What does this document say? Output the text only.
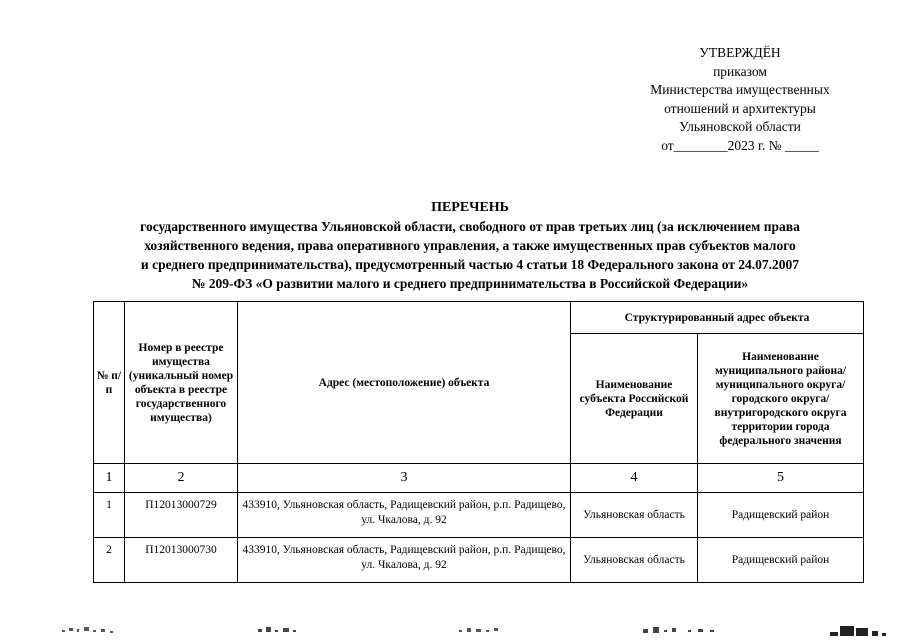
УТВЕРЖДЁН
приказом
Министерства имущественных
отношений и архитектуры
Ульяновской области
от________2023 г. № _____
ПЕРЕЧЕНЬ
государственного имущества Ульяновской области, свободного от прав третьих лиц (за исключением права
хозяйственного ведения, права оперативного управления, а также имущественных прав субъектов малого
и среднего предпринимательства), предусмотренный частью 4 статьи 18 Федерального закона от 24.07.2007
№ 209-ФЗ «О развитии малого и среднего предпринимательства в Российской Федерации»
№ п/п	Номер в реестре имущества (уникальный номер объекта в реестре государственного имущества)	Адрес (местоположение) объекта	Структурированный адрес объекта	
			Наименование субъекта Российской Федерации	Наименование муниципального района/муниципального округа/городского округа/внутригородского округа территории города федерального значения
1	2	3	4	5
1	П12013000729	433910, Ульяновская область, Радищевский район, р.п. Радищево, ул. Чкалова, д. 92	Ульяновская область	Радищевский район
2	П12013000730	433910, Ульяновская область, Радищевский район, р.п. Радищево, ул. Чкалова, д. 92	Ульяновская область	Радищевский район
